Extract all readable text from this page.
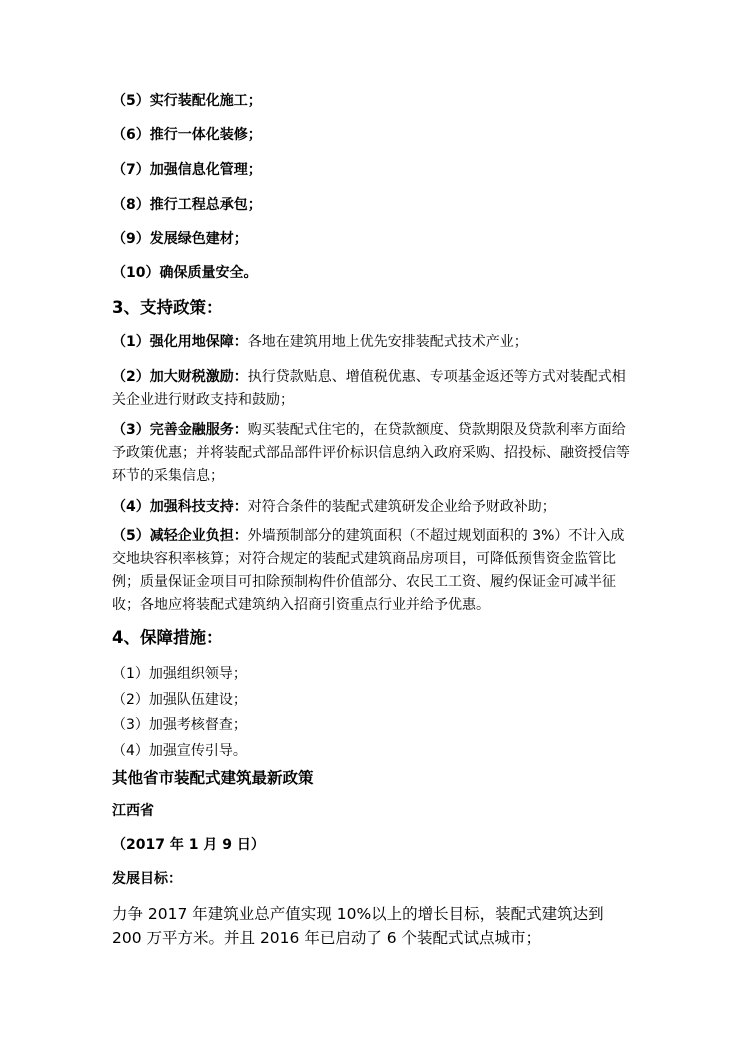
（5）实行装配化施工；
（6）推行一体化装修；
（7）加强信息化管理；
（8）推行工程总承包；
（9）发展绿色建材；
（10）确保质量安全。
3、支持政策：
（1）强化用地保障：各地在建筑用地上优先安排装配式技术产业；
（2）加大财税激励：执行贷款贴息、增值税优惠、专项基金返还等方式对装配式相关企业进行财政支持和鼓励；
（3）完善金融服务：购买装配式住宅的，在贷款额度、贷款期限及贷款利率方面给予政策优惠；并将装配式部品部件评价标识信息纳入政府采购、招投标、融资授信等环节的采集信息；
（4）加强科技支持：对符合条件的装配式建筑研发企业给予财政补助；
（5）减轻企业负担：外墙预制部分的建筑面积（不超过规划面积的 3%）不计入成交地块容积率核算；对符合规定的装配式建筑商品房项目，可降低预售资金监管比例；质量保证金项目可扣除预制构件价值部分、农民工工资、履约保证金可减半征收；各地应将装配式建筑纳入招商引资重点行业并给予优惠。
4、保障措施：
（1）加强组织领导；
（2）加强队伍建设；
（3）加强考核督查；
（4）加强宣传引导。
其他省市装配式建筑最新政策
江西省
（2017 年 1 月 9 日）
发展目标：
力争 2017 年建筑业总产值实现 10%以上的增长目标，装配式建筑达到 200 万平方米。并且 2016 年已启动了 6 个装配式试点城市；
